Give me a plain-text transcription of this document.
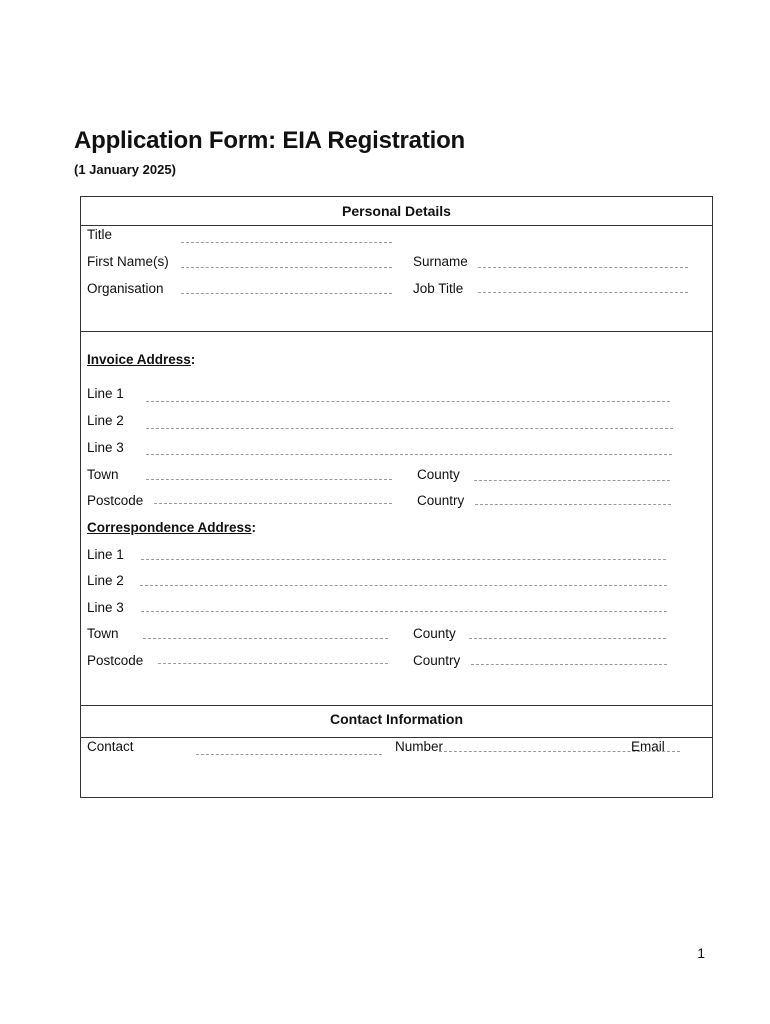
Application Form: EIA Registration
(1 January 2025)
Personal Details
Title
First Name(s)	Surname
Organisation	Job Title
Invoice Address:
Line 1
Line 2
Line 3
Town	County
Postcode	Country
Correspondence Address:
Line 1
Line 2
Line 3
Town	County
Postcode	Country
Contact Information
Contact	Number	Email
1
